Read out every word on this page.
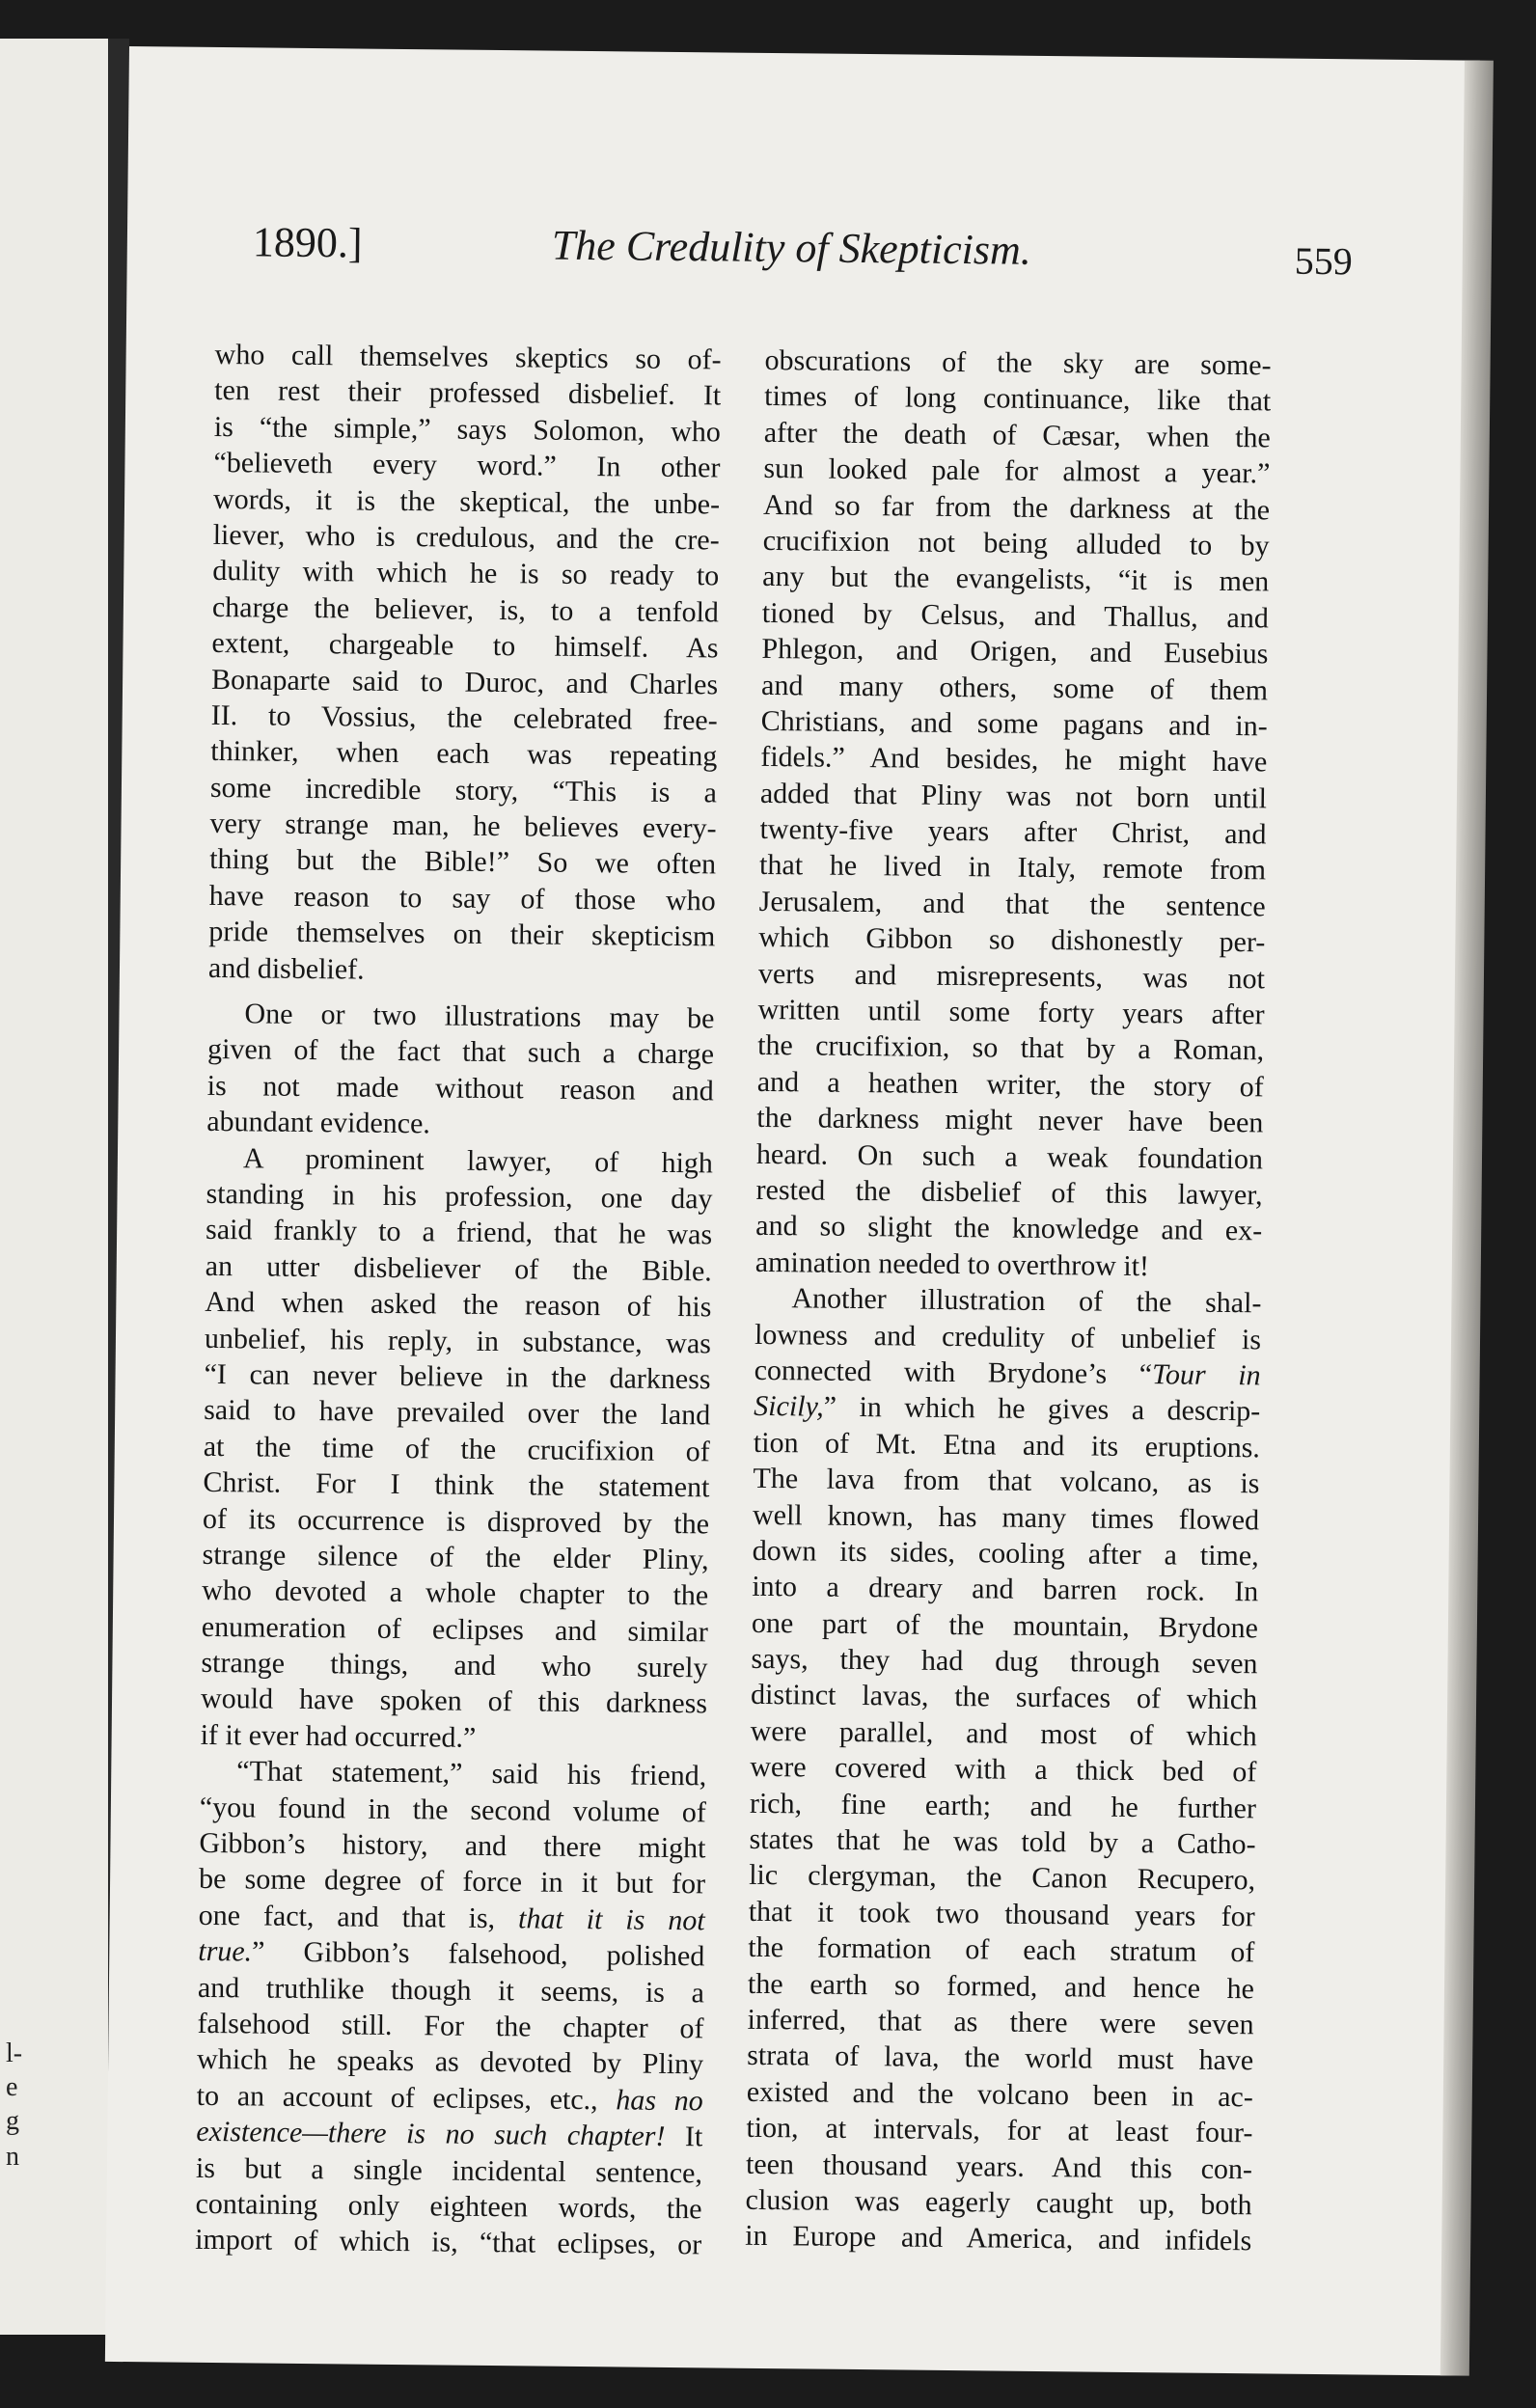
l-
e
g
n
1890.]	The Credulity of Skepticism.	559
who call themselves skeptics so of-
ten rest their professed disbelief. It
is “the simple,” says Solomon, who
“believeth every word.” In other
words, it is the skeptical, the unbe-
liever, who is credulous, and the cre-
dulity with which he is so ready to
charge the believer, is, to a tenfold
extent, chargeable to himself. As
Bonaparte said to Duroc, and Charles
II. to Vossius, the celebrated free-
thinker, when each was repeating
some incredible story, “This is a
very strange man, he believes every-
thing but the Bible!” So we often
have reason to say of those who
pride themselves on their skepticism
and disbelief.
One or two illustrations may be
given of the fact that such a charge
is not made without reason and
abundant evidence.
A prominent lawyer, of high
standing in his profession, one day
said frankly to a friend, that he was
an utter disbeliever of the Bible.
And when asked the reason of his
unbelief, his reply, in substance, was
“I can never believe in the darkness
said to have prevailed over the land
at the time of the crucifixion of
Christ. For I think the statement
of its occurrence is disproved by the
strange silence of the elder Pliny,
who devoted a whole chapter to the
enumeration of eclipses and similar
strange things, and who surely
would have spoken of this darkness
if it ever had occurred.”
“That statement,” said his friend,
“you found in the second volume of
Gibbon’s history, and there might
be some degree of force in it but for
one fact, and that is, that it is not
true.” Gibbon’s falsehood, polished
and truthlike though it seems, is a
falsehood still. For the chapter of
which he speaks as devoted by Pliny
to an account of eclipses, etc., has no
existence—there is no such chapter! It
is but a single incidental sentence,
containing only eighteen words, the
import of which is, “that eclipses, or
obscurations of the sky are some-
times of long continuance, like that
after the death of Cæsar, when the
sun looked pale for almost a year.”
And so far from the darkness at the
crucifixion not being alluded to by
any but the evangelists, “it is men
tioned by Celsus, and Thallus, and
Phlegon, and Origen, and Eusebius
and many others, some of them
Christians, and some pagans and in-
fidels.” And besides, he might have
added that Pliny was not born until
twenty-five years after Christ, and
that he lived in Italy, remote from
Jerusalem, and that the sentence
which Gibbon so dishonestly per-
verts and misrepresents, was not
written until some forty years after
the crucifixion, so that by a Roman,
and a heathen writer, the story of
the darkness might never have been
heard. On such a weak foundation
rested the disbelief of this lawyer,
and so slight the knowledge and ex-
amination needed to overthrow it!
Another illustration of the shal-
lowness and credulity of unbelief is
connected with Brydone’s “Tour in
Sicily,” in which he gives a descrip-
tion of Mt. Etna and its eruptions.
The lava from that volcano, as is
well known, has many times flowed
down its sides, cooling after a time,
into a dreary and barren rock. In
one part of the mountain, Brydone
says, they had dug through seven
distinct lavas, the surfaces of which
were parallel, and most of which
were covered with a thick bed of
rich, fine earth; and he further
states that he was told by a Catho-
lic clergyman, the Canon Recupero,
that it took two thousand years for
the formation of each stratum of
the earth so formed, and hence he
inferred, that as there were seven
strata of lava, the world must have
existed and the volcano been in ac-
tion, at intervals, for at least four-
teen thousand years. And this con-
clusion was eagerly caught up, both
in Europe and America, and infidels
